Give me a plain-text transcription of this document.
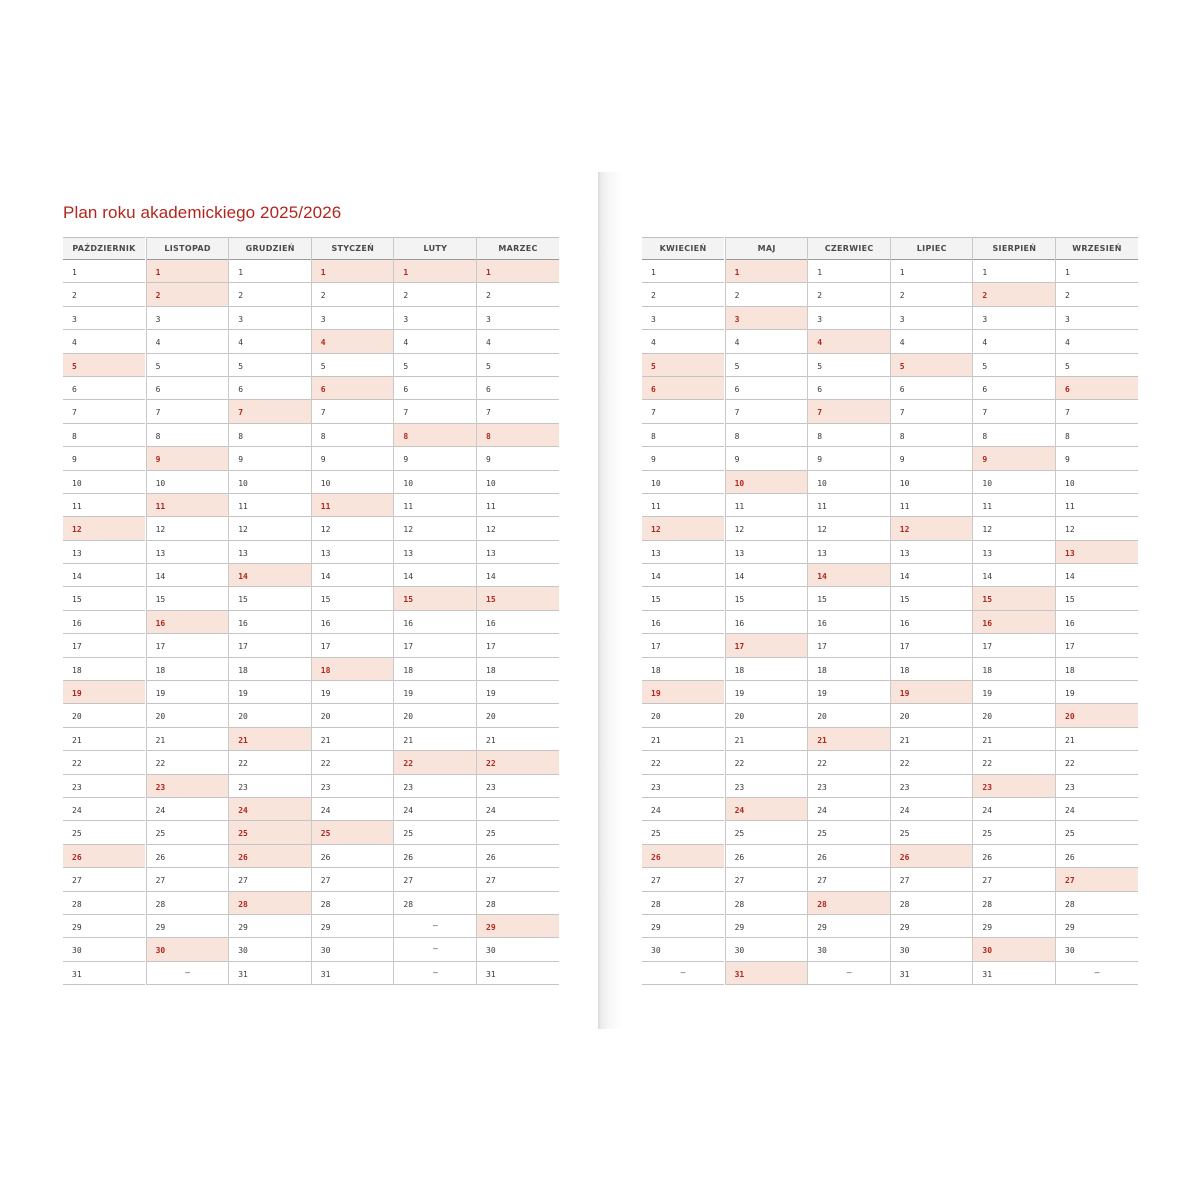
Plan roku akademickiego 2025/2026
PAŹDZIERNIK
1
2
3
4
5
6
7
8
9
10
11
12
13
14
15
16
17
18
19
20
21
22
23
24
25
26
27
28
29
30
31
LISTOPAD
1
2
3
4
5
6
7
8
9
10
11
12
13
14
15
16
17
18
19
20
21
22
23
24
25
26
27
28
29
30
—
GRUDZIEŃ
1
2
3
4
5
6
7
8
9
10
11
12
13
14
15
16
17
18
19
20
21
22
23
24
25
26
27
28
29
30
31
STYCZEŃ
1
2
3
4
5
6
7
8
9
10
11
12
13
14
15
16
17
18
19
20
21
22
23
24
25
26
27
28
29
30
31
LUTY
1
2
3
4
5
6
7
8
9
10
11
12
13
14
15
16
17
18
19
20
21
22
23
24
25
26
27
28
—
—
—
MARZEC
1
2
3
4
5
6
7
8
9
10
11
12
13
14
15
16
17
18
19
20
21
22
23
24
25
26
27
28
29
30
31
KWIECIEŃ
1
2
3
4
5
6
7
8
9
10
11
12
13
14
15
16
17
18
19
20
21
22
23
24
25
26
27
28
29
30
—
MAJ
1
2
3
4
5
6
7
8
9
10
11
12
13
14
15
16
17
18
19
20
21
22
23
24
25
26
27
28
29
30
31
CZERWIEC
1
2
3
4
5
6
7
8
9
10
11
12
13
14
15
16
17
18
19
20
21
22
23
24
25
26
27
28
29
30
—
LIPIEC
1
2
3
4
5
6
7
8
9
10
11
12
13
14
15
16
17
18
19
20
21
22
23
24
25
26
27
28
29
30
31
SIERPIEŃ
1
2
3
4
5
6
7
8
9
10
11
12
13
14
15
16
17
18
19
20
21
22
23
24
25
26
27
28
29
30
31
WRZESIEŃ
1
2
3
4
5
6
7
8
9
10
11
12
13
14
15
16
17
18
19
20
21
22
23
24
25
26
27
28
29
30
—
